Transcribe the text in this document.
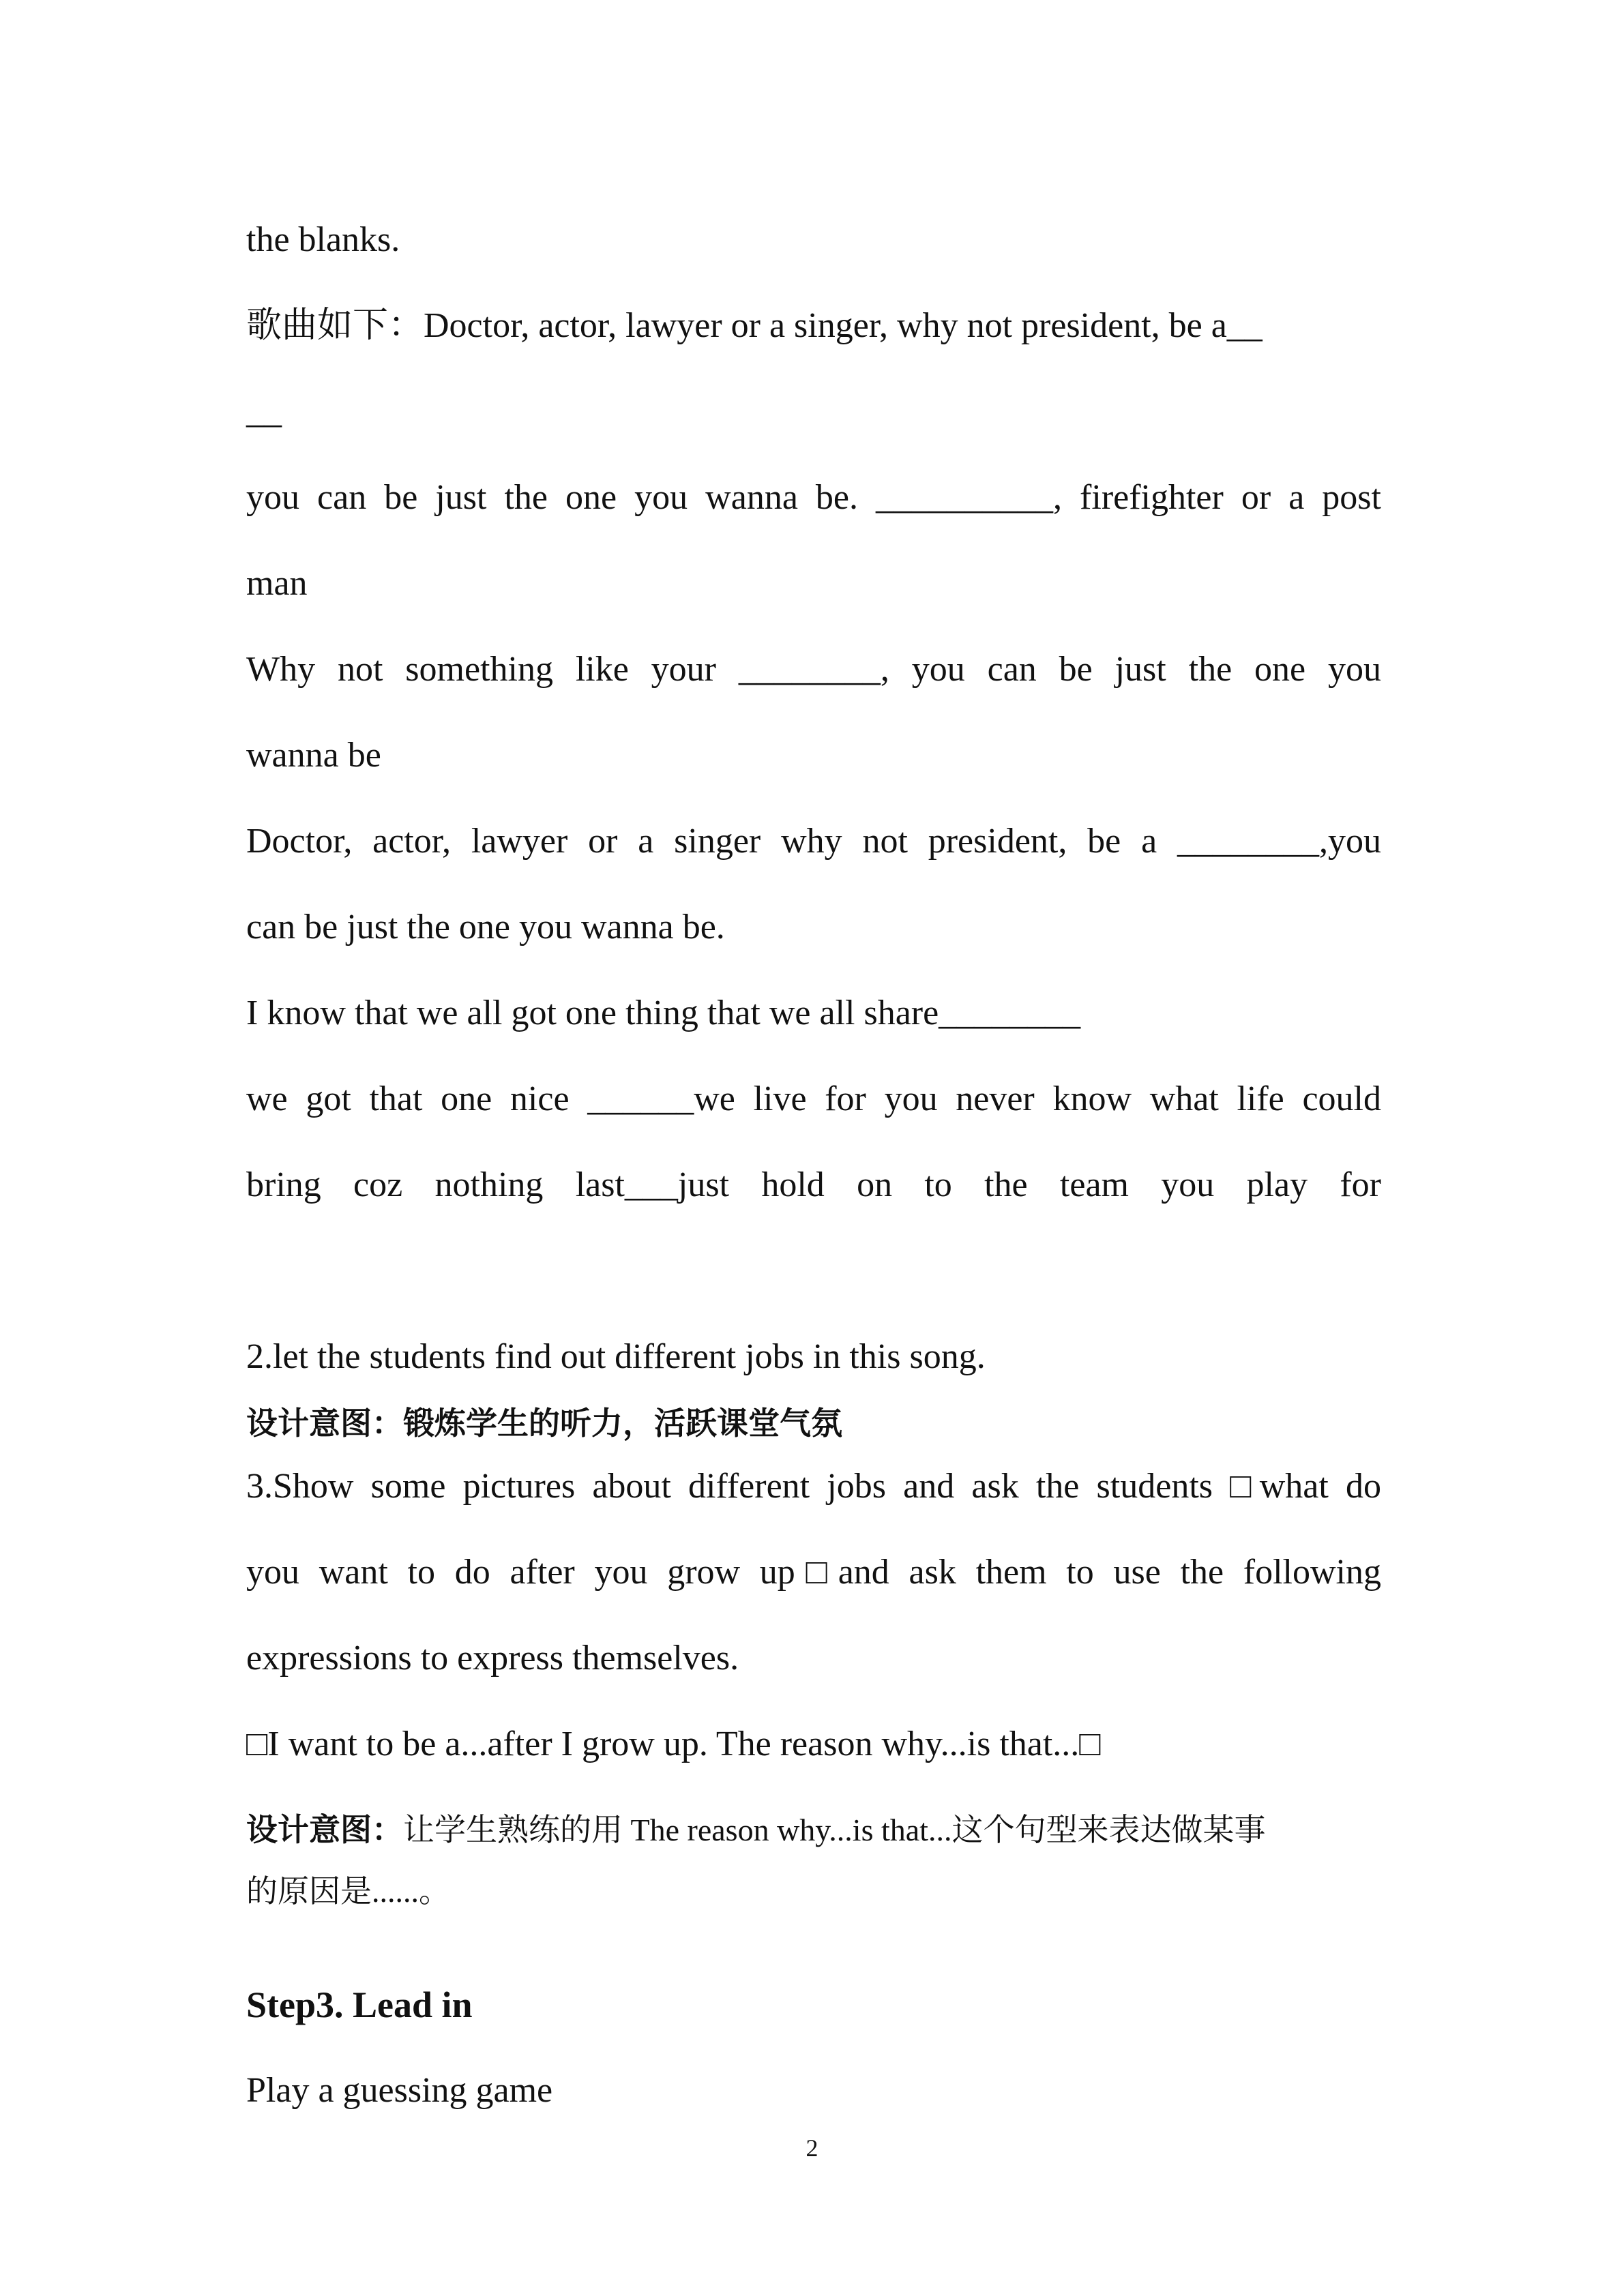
the blanks.

歌曲如下：Doctor, actor, lawyer or a singer, why not president, be a__

__

you can be just the one you wanna be. __________, firefighter or a post

man

Why not something like your ________, you can be just the one you

wanna be

Doctor, actor, lawyer or a singer why not president, be a ________,you

can be just the one you wanna be.

I know that we all got one thing that we all share________

we got that one nice ______we live for you never know what life could

bring coz nothing last___just hold on to the team you play for

2.let the students find out different jobs in this song.

设计意图：锻炼学生的听力，活跃课堂气氛

3.Show some pictures about different jobs and ask the students □what do

you want to do after you grow up□and ask them to use the following

expressions to express themselves.

□I want to be a...after I grow up. The reason why...is that...□

设计意图：让学生熟练的用 The reason why...is that...这个句型来表达做某事

的原因是......。

Step3. Lead in

Play a guessing game

2
